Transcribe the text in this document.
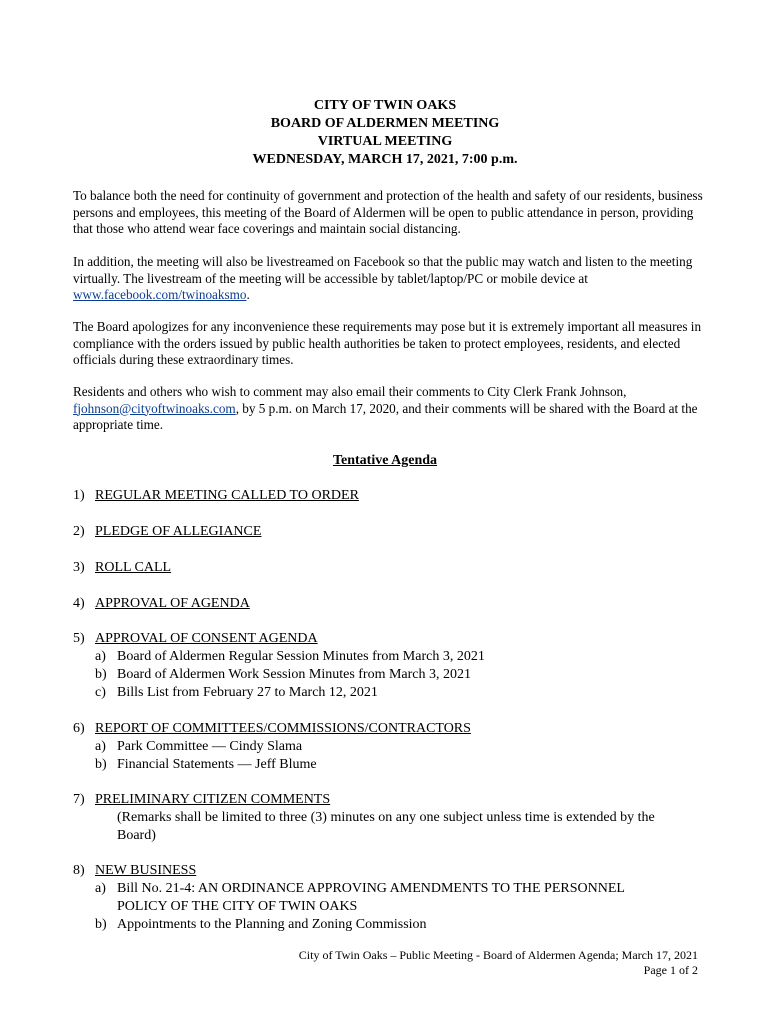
CITY OF TWIN OAKS
BOARD OF ALDERMEN MEETING
VIRTUAL MEETING
WEDNESDAY, MARCH 17, 2021, 7:00 p.m.
To balance both the need for continuity of government and protection of the health and safety of our residents, business persons and employees, this meeting of the Board of Aldermen will be open to public attendance in person, providing that those who attend wear face coverings and maintain social distancing.
In addition, the meeting will also be livestreamed on Facebook so that the public may watch and listen to the meeting virtually. The livestream of the meeting will be accessible by tablet/laptop/PC or mobile device at www.facebook.com/twinoaksmo.
The Board apologizes for any inconvenience these requirements may pose but it is extremely important all measures in compliance with the orders issued by public health authorities be taken to protect employees, residents, and elected officials during these extraordinary times.
Residents and others who wish to comment may also email their comments to City Clerk Frank Johnson, fjohnson@cityoftwinoaks.com, by 5 p.m. on March 17, 2020, and their comments will be shared with the Board at the appropriate time.
Tentative Agenda
1) REGULAR MEETING CALLED TO ORDER
2) PLEDGE OF ALLEGIANCE
3) ROLL CALL
4) APPROVAL OF AGENDA
5) APPROVAL OF CONSENT AGENDA
a) Board of Aldermen Regular Session Minutes from March 3, 2021
b) Board of Aldermen Work Session Minutes from March 3, 2021
c) Bills List from February 27 to March 12, 2021
6) REPORT OF COMMITTEES/COMMISSIONS/CONTRACTORS
a) Park Committee — Cindy Slama
b) Financial Statements — Jeff Blume
7) PRELIMINARY CITIZEN COMMENTS
(Remarks shall be limited to three (3) minutes on any one subject unless time is extended by the Board)
8) NEW BUSINESS
a) Bill No. 21-4: AN ORDINANCE APPROVING AMENDMENTS TO THE PERSONNEL POLICY OF THE CITY OF TWIN OAKS
b) Appointments to the Planning and Zoning Commission
City of Twin Oaks – Public Meeting - Board of Aldermen Agenda; March 17, 2021
Page 1 of 2
